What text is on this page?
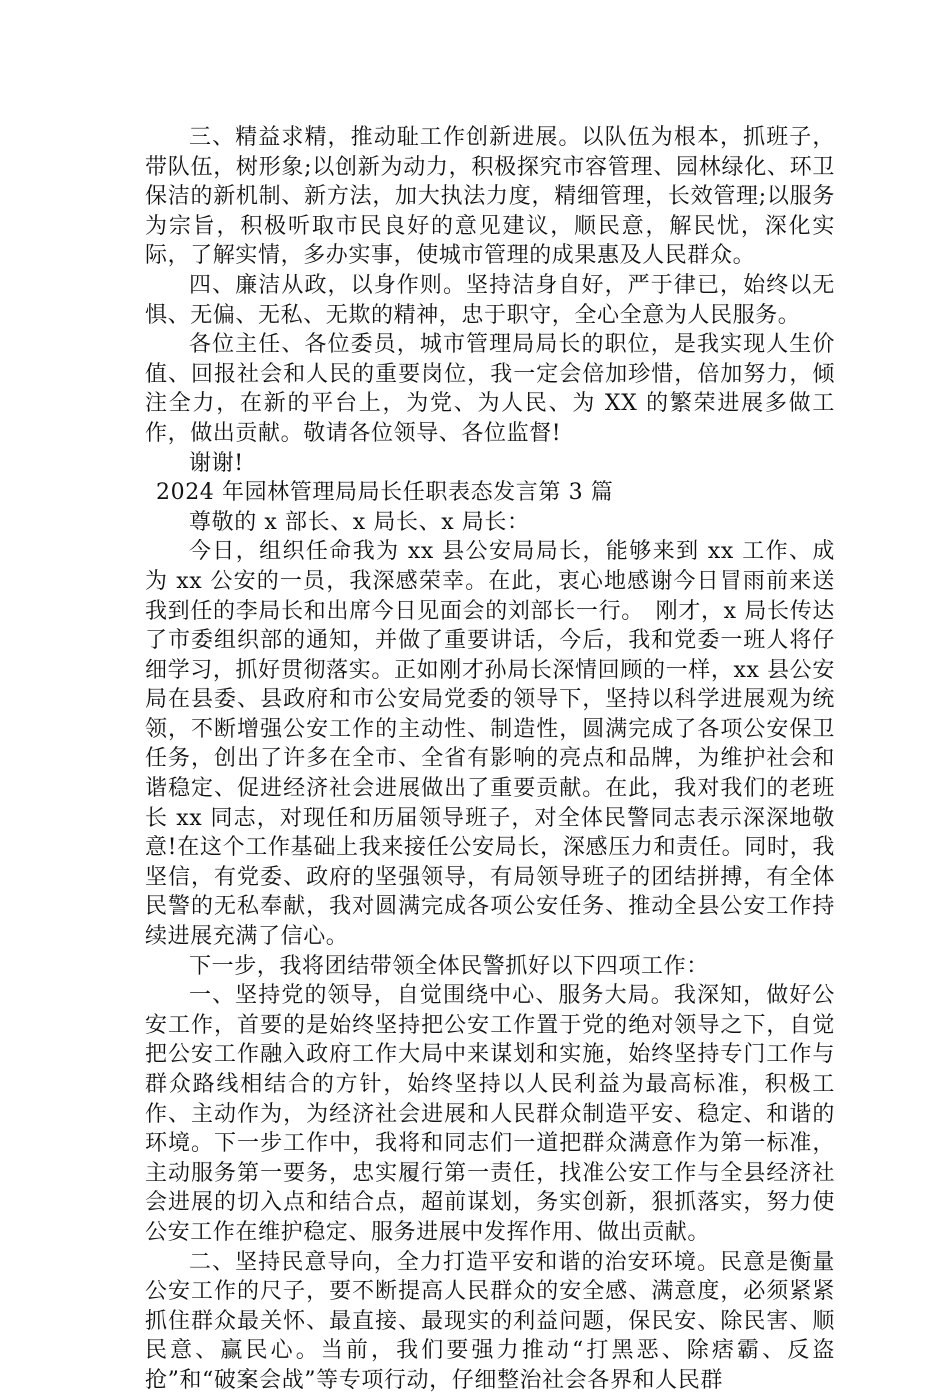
三、精益求精，推动耻工作创新进展。以队伍为根本，抓班子，带队伍，树形象;以创新为动力，积极探究市容管理、园林绿化、环卫保洁的新机制、新方法，加大执法力度，精细管理，长效管理;以服务为宗旨，积极听取市民良好的意见建议，顺民意，解民忧，深化实际，了解实情，多办实事，使城市管理的成果惠及人民群众。

四、廉洁从政，以身作则。坚持洁身自好，严于律已，始终以无惧、无偏、无私、无欺的精神，忠于职守，全心全意为人民服务。

各位主任、各位委员，城市管理局局长的职位，是我实现人生价值、回报社会和人民的重要岗位，我一定会倍加珍惜，倍加努力，倾注全力，在新的平台上，为党、为人民、为 XX 的繁荣进展多做工作，做出贡献。敬请各位领导、各位监督!

谢谢!

2024 年园林管理局局长任职表态发言第 3 篇

尊敬的 x 部长、x 局长、x 局长：

今日，组织任命我为 xx 县公安局局长，能够来到 xx 工作、成为 xx 公安的一员，我深感荣幸。在此，衷心地感谢今日冒雨前来送我到任的李局长和出席今日见面会的刘部长一行。　刚才，x 局长传达了市委组织部的通知，并做了重要讲话，今后，我和党委一班人将仔细学习，抓好贯彻落实。正如刚才孙局长深情回顾的一样，xx 县公安局在县委、县政府和市公安局党委的领导下，坚持以科学进展观为统领，不断增强公安工作的主动性、制造性，圆满完成了各项公安保卫任务，创出了许多在全市、全省有影响的亮点和品牌，为维护社会和谐稳定、促进经济社会进展做出了重要贡献。在此，我对我们的老班长 xx 同志，对现任和历届领导班子，对全体民警同志表示深深地敬意!在这个工作基础上我来接任公安局长，深感压力和责任。同时，我坚信，有党委、政府的坚强领导，有局领导班子的团结拼搏，有全体民警的无私奉献，我对圆满完成各项公安任务、推动全县公安工作持续进展充满了信心。

下一步，我将团结带领全体民警抓好以下四项工作：

一、坚持党的领导，自觉围绕中心、服务大局。我深知，做好公安工作，首要的是始终坚持把公安工作置于党的绝对领导之下，自觉把公安工作融入政府工作大局中来谋划和实施，始终坚持专门工作与群众路线相结合的方针，始终坚持以人民利益为最高标准，积极工作、主动作为，为经济社会进展和人民群众制造平安、稳定、和谐的环境。下一步工作中，我将和同志们一道把群众满意作为第一标准，主动服务第一要务，忠实履行第一责任，找准公安工作与全县经济社会进展的切入点和结合点，超前谋划，务实创新，狠抓落实，努力使公安工作在维护稳定、服务进展中发挥作用、做出贡献。

二、坚持民意导向，全力打造平安和谐的治安环境。民意是衡量公安工作的尺子，要不断提高人民群众的安全感、满意度，必须紧紧抓住群众最关怀、最直接、最现实的利益问题，保民安、除民害、顺民意、赢民心。当前，我们要强力推动“打黑恶、除痞霸、反盗抢”和“破案会战”等专项行动，仔细整治社会各界和人民群
